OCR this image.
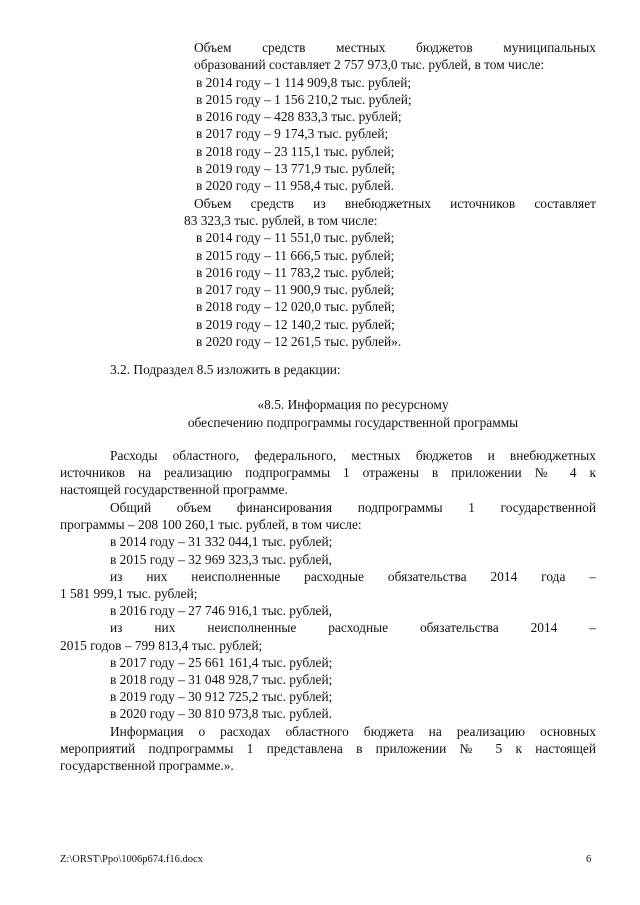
Объем средств местных бюджетов муниципальных
образований составляет 2 757 973,0 тыс. рублей, в том числе:
в 2014 году – 1 114 909,8 тыс. рублей;
в 2015 году – 1 156 210,2 тыс. рублей;
в 2016 году – 428 833,3 тыс. рублей;
в 2017 году – 9 174,3 тыс. рублей;
в 2018 году – 23 115,1 тыс. рублей;
в 2019 году – 13 771,9 тыс. рублей;
в 2020 году – 11 958,4 тыс. рублей.
Объем средств из внебюджетных источников составляет
83 323,3 тыс. рублей, в том числе:
в 2014 году – 11 551,0 тыс. рублей;
в 2015 году – 11 666,5 тыс. рублей;
в 2016 году – 11 783,2 тыс. рублей;
в 2017 году – 11 900,9 тыс. рублей;
в 2018 году – 12 020,0 тыс. рублей;
в 2019 году – 12 140,2 тыс. рублей;
в 2020 году – 12 261,5 тыс. рублей».
3.2. Подраздел 8.5 изложить в редакции:
«8.5. Информация по ресурсному
обеспечению подпрограммы государственной программы
Расходы областного, федерального, местных бюджетов и внебюджетных
источников на реализацию подпрограммы 1 отражены в приложении № 4 к
настоящей государственной программе.
Общий объем финансирования подпрограммы 1 государственной
программы – 208 100 260,1 тыс. рублей, в том числе:
в 2014 году – 31 332 044,1 тыс. рублей;
в 2015 году – 32 969 323,3 тыс. рублей,
из них неисполненные расходные обязательства 2014 года –
1 581 999,1 тыс. рублей;
в 2016 году – 27 746 916,1 тыс. рублей,
из них неисполненные расходные обязательства 2014 –
2015 годов – 799 813,4 тыс. рублей;
в 2017 году – 25 661 161,4 тыс. рублей;
в 2018 году – 31 048 928,7 тыс. рублей;
в 2019 году – 30 912 725,2 тыс. рублей;
в 2020 году – 30 810 973,8 тыс. рублей.
Информация о расходах областного бюджета на реализацию основных
мероприятий подпрограммы 1 представлена в приложении № 5 к настоящей
государственной программе.».
Z:\ORST\Ppo\1006p674.f16.docx	6
